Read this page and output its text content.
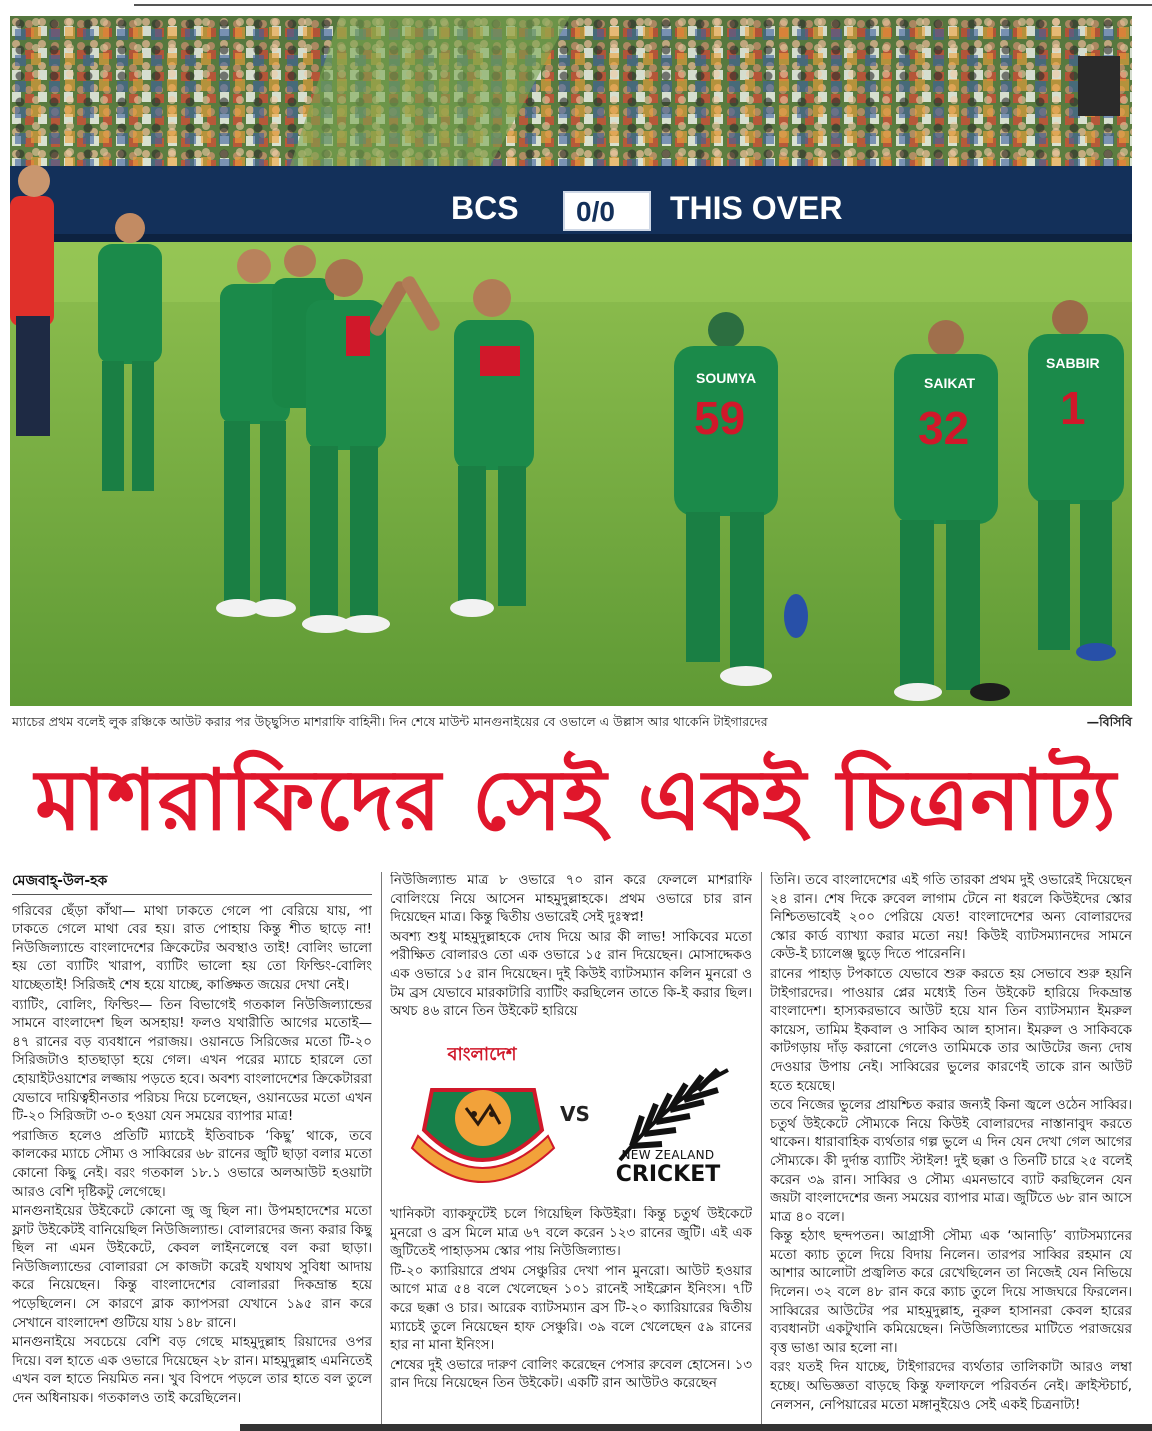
BCS 0/0 THIS OVER
SOUMYA
59
SAIKAT
32
SABBIR
1
ম্যাচের প্রথম বলেই লুক রঞ্চিকে আউট করার পর উচ্ছ্বসিত মাশরাফি বাহিনী। দিন শেষে মাউন্ট মানগুনাইয়ের বে ওভালে এ উল্লাস আর থাকেনি টাইগারদের	—বিসিবি
মাশরাফিদের সেই একই চিত্রনাট্য
মেজবাহ্-উল-হক

গরিবের ছেঁড়া কাঁথা— মাথা ঢাকতে গেলে পা বেরিয়ে যায়, পা ঢাকতে গেলে মাথা বের হয়। রাত পোহায় কিন্তু শীত ছাড়ে না! নিউজিল্যান্ডে বাংলাদেশের ক্রিকেটের অবস্থাও তাই! বোলিং ভালো হয় তো ব্যাটিং খারাপ, ব্যাটিং ভালো হয় তো ফিল্ডিং-বোলিং যাচ্ছেতাই! সিরিজই শেষ হয়ে যাচ্ছে, কাঙ্ক্ষিত জয়ের দেখা নেই।

ব্যাটিং, বোলিং, ফিল্ডিং— তিন বিভাগেই গতকাল নিউজিল্যান্ডের সামনে বাংলাদেশ ছিল অসহায়! ফলও যথারীতি আগের মতোই— ৪৭ রানের বড় ব্যবধানে পরাজয়। ওয়ানডে সিরিজের মতো টি-২০ সিরিজটাও হাতছাড়া হয়ে গেল। এখন পরের ম্যাচে হারলে তো হোয়াইটওয়াশের লজ্জায় পড়তে হবে। অবশ্য বাংলাদেশের ক্রিকেটাররা যেভাবে দায়িত্বহীনতার পরিচয় দিয়ে চলেছেন, ওয়ানডের মতো এখন টি-২০ সিরিজটা ৩-০ হওয়া যেন সময়ের ব্যাপার মাত্র!

পরাজিত হলেও প্রতিটি ম্যাচেই ইতিবাচক ‘কিছু’ থাকে, তবে কালকের ম্যাচে সৌম্য ও সাব্বিরের ৬৮ রানের জুটি ছাড়া বলার মতো কোনো কিছু নেই। বরং গতকাল ১৮.১ ওভারে অলআউট হওয়াটা আরও বেশি দৃষ্টিকটু লেগেছে।

মানগুনাইয়ের উইকেটে কোনো জু জু ছিল না। উপমহাদেশের মতো ফ্লাট উইকেটই বানিয়েছিল নিউজিল্যান্ড। বোলারদের জন্য করার কিছু ছিল না এমন উইকেটে, কেবল লাইনলেন্থে বল করা ছাড়া। নিউজিল্যান্ডের বোলাররা সে কাজটা করেই যথাযথ সুবিধা আদায় করে নিয়েছেন। কিন্তু বাংলাদেশের বোলাররা দিকভ্রান্ত হয়ে পড়েছিলেন। সে কারণে ব্লাক ক্যাপসরা যেখানে ১৯৫ রান করে সেখানে বাংলাদেশ গুটিয়ে যায় ১৪৮ রানে।

মানগুনাইয়ে সবচেয়ে বেশি বড় গেছে মাহমুদুল্লাহ রিয়াদের ওপর দিয়ে। বল হাতে এক ওভারে দিয়েছেন ২৮ রান। মাহমুদুল্লাহ এমনিতেই এখন বল হাতে নিয়মিত নন। খুব বিপদে পড়লে তার হাতে বল তুলে দেন অধিনায়ক। গতকালও তাই করেছিলেন।

নিউজিল্যান্ড মাত্র ৮ ওভারে ৭০ রান করে ফেললে মাশরাফি বোলিংয়ে নিয়ে আসেন মাহমুদুল্লাহকে। প্রথম ওভারে চার রান দিয়েছেন মাত্র। কিন্তু দ্বিতীয় ওভারেই সেই দুঃস্বপ্ন!

অবশ্য শুধু মাহমুদুল্লাহকে দোষ দিয়ে আর কী লাভ! সাকিবের মতো পরীক্ষিত বোলারও তো এক ওভারে ১৫ রান দিয়েছেন। মোসাদ্দেকও এক ওভারে ১৫ রান দিয়েছেন। দুই কিউই ব্যাটসম্যান কলিন মুনরো ও টম ব্রস যেভাবে মারকাটারি ব্যাটিং করছিলেন তাতে কি-ই করার ছিল। অথচ ৪৬ রানে তিন উইকেট হারিয়ে

খানিকটা ব্যাকফুটেই চলে গিয়েছিল কিউইরা। কিন্তু চতুর্থ উইকেটে মুনরো ও ব্রস মিলে মাত্র ৬৭ বলে করেন ১২৩ রানের জুটি। এই এক জুটিতেই পাহাড়সম স্কোর পায় নিউজিল্যান্ড।

টি-২০ ক্যারিয়ারে প্রথম সেঞ্চুরির দেখা পান মুনরো। আউট হওয়ার আগে মাত্র ৫৪ বলে খেলেছেন ১০১ রানেই সাইক্লোন ইনিংস। ৭টি করে ছক্কা ও চার। আরেক ব্যাটসম্যান ব্রস টি-২০ ক্যারিয়ারের দ্বিতীয় ম্যাচেই তুলে নিয়েছেন হাফ সেঞ্চুরি। ৩৯ বলে খেলেছেন ৫৯ রানের হার না মানা ইনিংস।

শেষের দুই ওভারে দারুণ বোলিং করেছেন পেসার রুবেল হোসেন। ১৩ রান দিয়ে নিয়েছেন তিন উইকেট। একটি রান আউটও করেছেন

বাংলাদেশ
VS
NEW ZEALAND
CRICKET

তিনি। তবে বাংলাদেশের এই গতি তারকা প্রথম দুই ওভারেই দিয়েছেন ২৪ রান। শেষ দিকে রুবেল লাগাম টেনে না ধরলে কিউইদের স্কোর নিশ্চিতভাবেই ২০০ পেরিয়ে যেত! বাংলাদেশের অন্য বোলারদের স্কোর কার্ড ব্যাখ্যা করার মতো নয়! কিউই ব্যাটসম্যানদের সামনে কেউ-ই চ্যালেঞ্জ ছুড়ে দিতে পারেননি।

রানের পাহাড় টপকাতে যেভাবে শুরু করতে হয় সেভাবে শুরু হয়নি টাইগারদের। পাওয়ার প্লের মধ্যেই তিন উইকেট হারিয়ে দিকভ্রান্ত বাংলাদেশ। হাস্যকরভাবে আউট হয়ে যান তিন ব্যাটসম্যান ইমরুল কায়েস, তামিম ইকবাল ও সাকিব আল হাসান। ইমরুল ও সাকিবকে কাটগড়ায় দাঁড় করানো গেলেও তামিমকে তার আউটের জন্য দোষ দেওয়ার উপায় নেই। সাব্বিরের ভুলের কারণেই তাকে রান আউট হতে হয়েছে।

তবে নিজের ভুলের প্রায়শ্চিত করার জন্যই কিনা জ্বলে ওঠেন সাব্বির। চতুর্থ উইকেটে সৌম্যকে নিয়ে কিউই বোলারদের নাস্তানাবুদ করতে থাকেন। ধারাবাহিক ব্যর্থতার গল্প ভুলে এ দিন যেন দেখা গেল আগের সৌম্যকে। কী দুর্দান্ত ব্যাটিং স্টাইল! দুই ছক্কা ও তিনটি চারে ২৫ বলেই করেন ৩৯ রান। সাব্বির ও সৌম্য এমনভাবে ব্যাট করছিলেন যেন জয়টা বাংলাদেশের জন্য সময়ের ব্যাপার মাত্র। জুটিতে ৬৮ রান আসে মাত্র ৪০ বলে।

কিন্তু হঠাৎ ছন্দপতন। আগ্রাসী সৌম্য এক ‘আনাড়ি’ ব্যাটসম্যানের মতো ক্যাচ তুলে দিয়ে বিদায় নিলেন। তারপর সাব্বির রহমান যে আশার আলোটা প্রজ্বলিত করে রেখেছিলেন তা নিজেই যেন নিভিয়ে দিলেন। ৩২ বলে ৪৮ রান করে ক্যাচ তুলে দিয়ে সাজঘরে ফিরলেন। সাব্বিরের আউটের পর মাহমুদুল্লাহ, নুরুল হাসানরা কেবল হারের ব্যবধানটা একটুখানি কমিয়েছেন। নিউজিল্যান্ডের মাটিতে পরাজয়ের বৃত্ত ভাঙা আর হলো না।

বরং যতই দিন যাচ্ছে, টাইগারদের ব্যর্থতার তালিকাটা আরও লম্বা হচ্ছে। অভিজ্ঞতা বাড়ছে কিন্তু ফলাফলে পরিবর্তন নেই। ক্রাইস্টচার্চ, নেলসন, নেপিয়ারের মতো মঙ্গানুইয়েও সেই একই চিত্রনাট্য!
